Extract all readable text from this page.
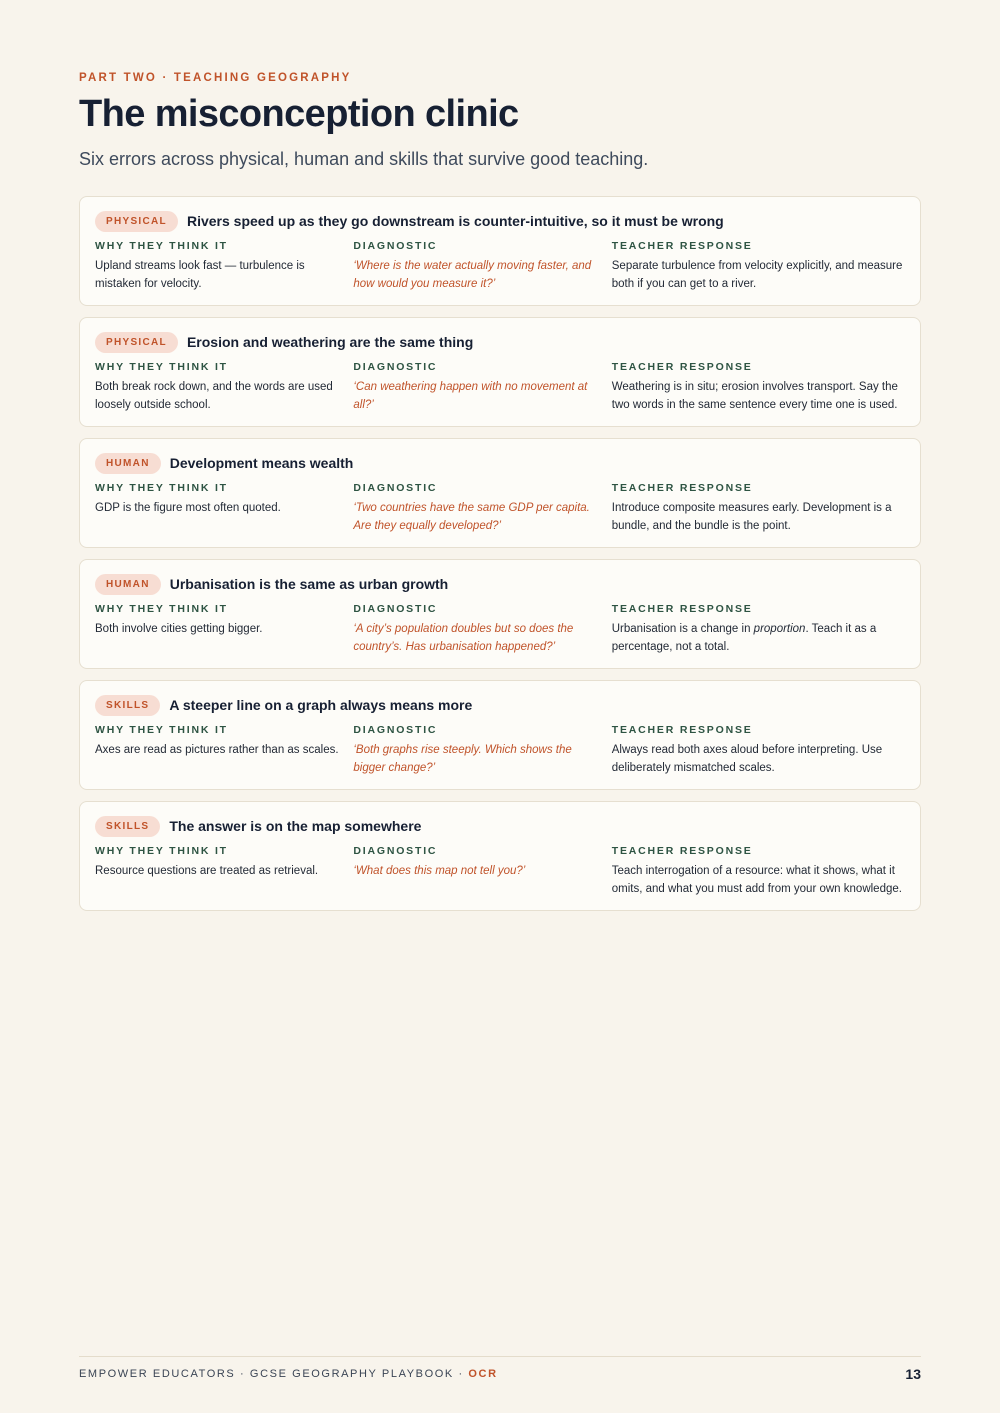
PART TWO · TEACHING GEOGRAPHY
The misconception clinic

Six errors across physical, human and skills that survive good teaching.

PHYSICAL	Rivers speed up as they go downstream is counter-intuitive, so it must be wrong
WHY THEY THINK IT
Upland streams look fast — turbulence is mistaken for velocity.
DIAGNOSTIC
‘Where is the water actually moving faster, and how would you measure it?’
TEACHER RESPONSE
Separate turbulence from velocity explicitly, and measure both if you can get to a river.
PHYSICAL	Erosion and weathering are the same thing
WHY THEY THINK IT
Both break rock down, and the words are used loosely outside school.
DIAGNOSTIC
‘Can weathering happen with no movement at all?’
TEACHER RESPONSE
Weathering is in situ; erosion involves transport. Say the two words in the same sentence every time one is used.
HUMAN	Development means wealth
WHY THEY THINK IT
GDP is the figure most often quoted.
DIAGNOSTIC
‘Two countries have the same GDP per capita. Are they equally developed?’
TEACHER RESPONSE
Introduce composite measures early. Development is a bundle, and the bundle is the point.
HUMAN	Urbanisation is the same as urban growth
WHY THEY THINK IT
Both involve cities getting bigger.
DIAGNOSTIC
‘A city’s population doubles but so does the country’s. Has urbanisation happened?’
TEACHER RESPONSE
Urbanisation is a change in proportion. Teach it as a percentage, not a total.
SKILLS	A steeper line on a graph always means more
WHY THEY THINK IT
Axes are read as pictures rather than as scales.
DIAGNOSTIC
‘Both graphs rise steeply. Which shows the bigger change?’
TEACHER RESPONSE
Always read both axes aloud before interpreting. Use deliberately mismatched scales.
SKILLS	The answer is on the map somewhere
WHY THEY THINK IT
Resource questions are treated as retrieval.
DIAGNOSTIC
‘What does this map not tell you?’
TEACHER RESPONSE
Teach interrogation of a resource: what it shows, what it omits, and what you must add from your own knowledge.
EMPOWER EDUCATORS · GCSE GEOGRAPHY PLAYBOOK · OCR	13
